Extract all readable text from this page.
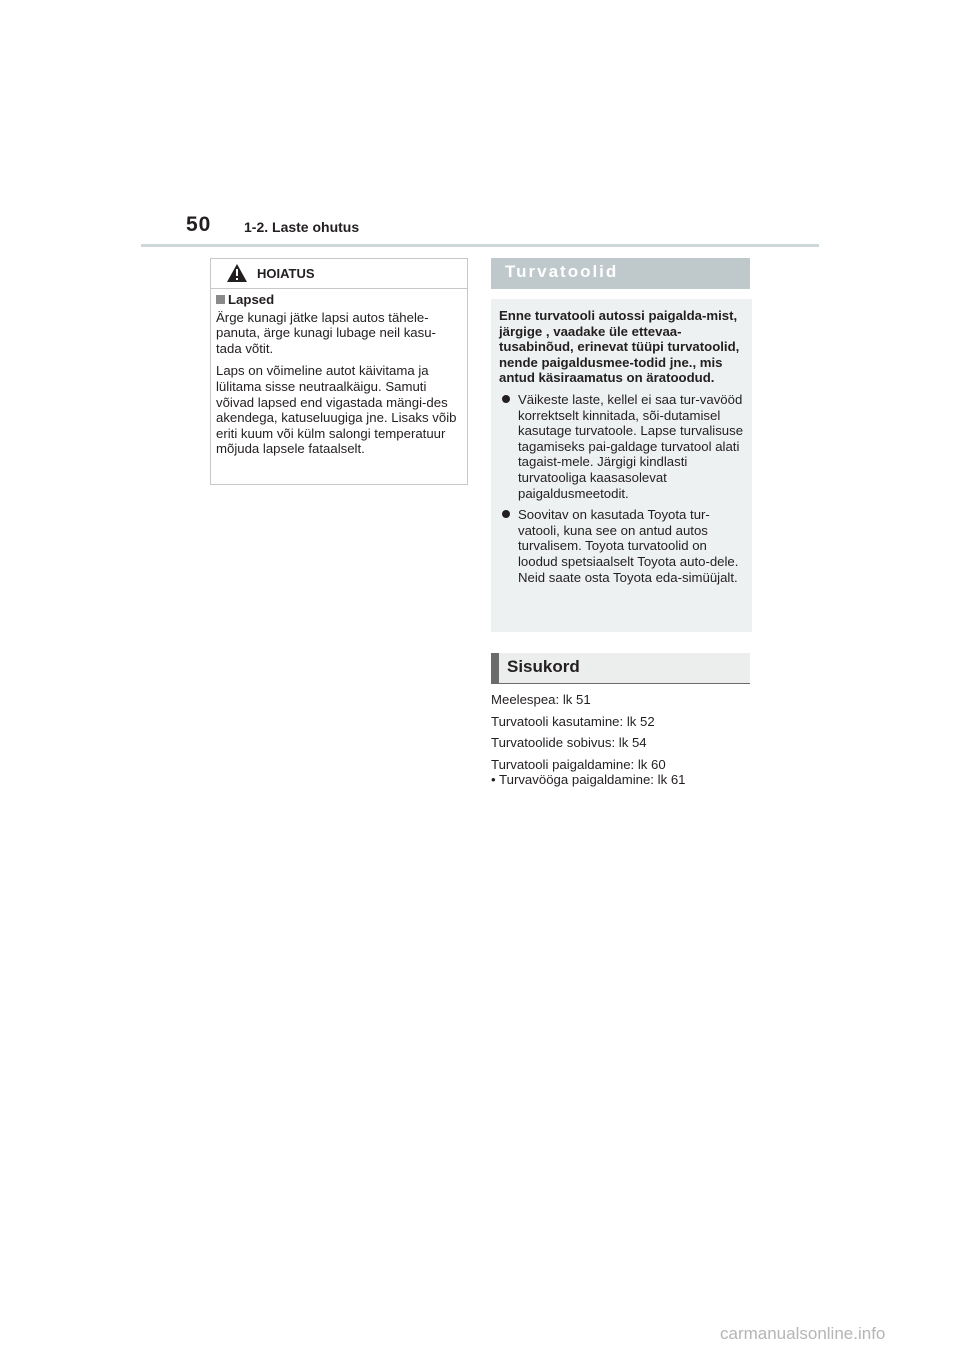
50 1-2. Laste ohutus
HOIATUS

Lapsed

Ärge kunagi jätke lapsi autos tähele-panuta, ärge kunagi lubage neil kasu-tada võtit.

Laps on võimeline autot käivitama ja lülitama sisse neutraalkäigu. Samuti võivad lapsed end vigastada mängi-des akendega, katuseluugiga jne. Lisaks võib eriti kuum või külm salongi temperatuur mõjuda lapsele fataalselt.

Turvatoolid

Enne turvatooli autossi paigalda-mist, järgige , vaadake üle ettevaa-tusabinõud, erinevat tüüpi turvatoolid, nende paigaldusmee-todid jne., mis antud käsiraamatus on äratoodud.

Väikeste laste, kellel ei saa tur-vavööd korrektselt kinnitada, sõi-dutamisel kasutage turvatoole. Lapse turvalisuse tagamiseks pai-galdage turvatool alati tagaist-mele. Järgigi kindlasti turvatooliga kaasasolevat paigaldusmeetodit.
Soovitav on kasutada Toyota tur-vatooli, kuna see on antud autos turvalisem. Toyota turvatoolid on loodud spetsiaalselt Toyota auto-dele. Neid saate osta Toyota eda-simüüjalt.
Sisukord
Meelespea: lk 51
Turvatooli kasutamine: lk 52
Turvatoolide sobivus: lk 54
Turvatooli paigaldamine: lk 60
• Turvavööga paigaldamine: lk 61
carmanualsonline.info
